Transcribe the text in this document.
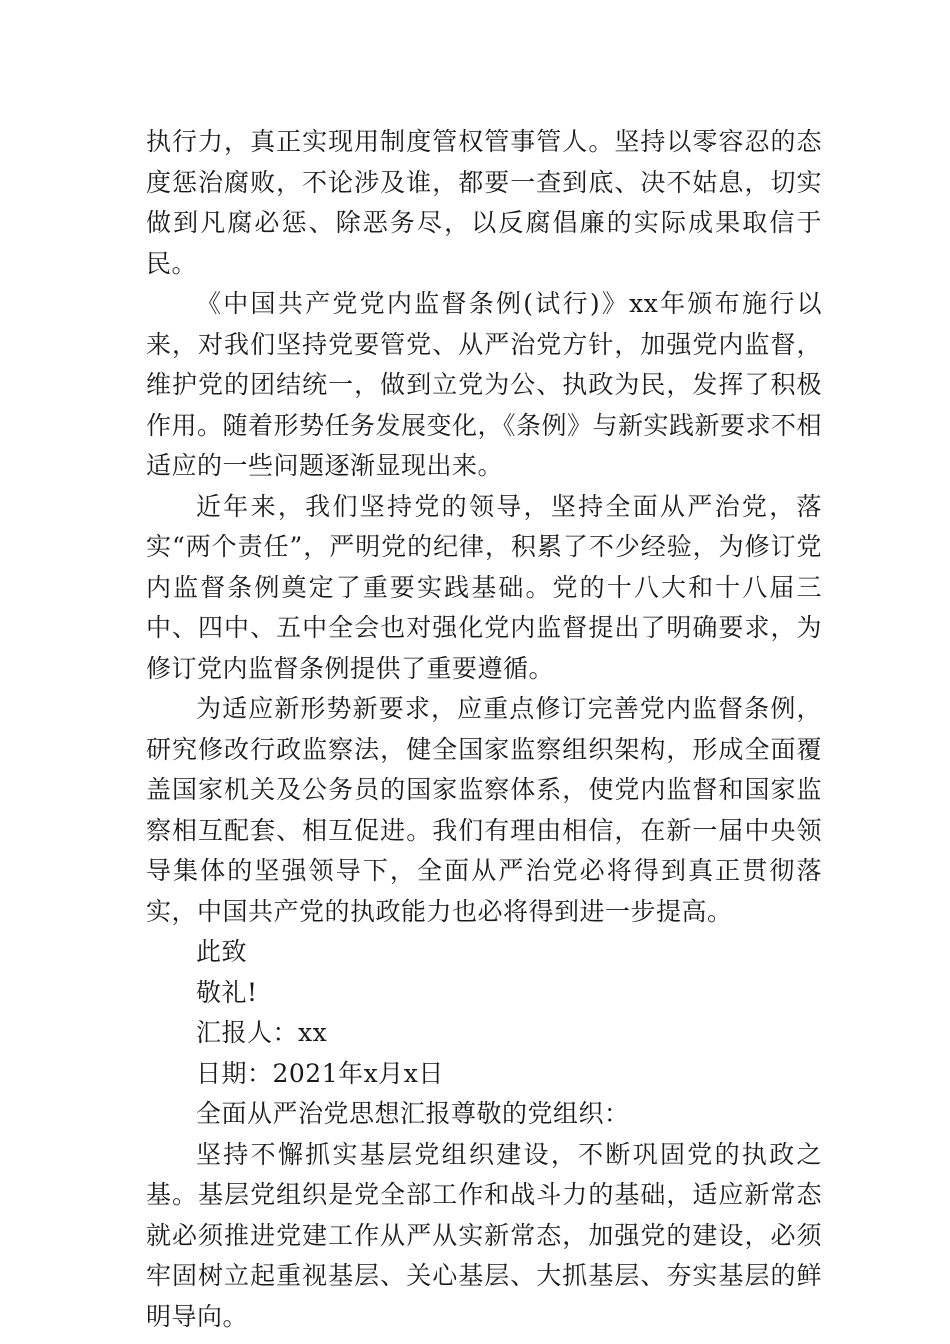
执行力，真正实现用制度管权管事管人。坚持以零容忍的态度惩治腐败，不论涉及谁，都要一查到底、决不姑息，切实做到凡腐必惩、除恶务尽，以反腐倡廉的实际成果取信于民。

《中国共产党党内监督条例(试行)》xx年颁布施行以来，对我们坚持党要管党、从严治党方针，加强党内监督，维护党的团结统一，做到立党为公、执政为民，发挥了积极作用。随着形势任务发展变化，《条例》与新实践新要求不相适应的一些问题逐渐显现出来。

近年来，我们坚持党的领导，坚持全面从严治党，落实“两个责任”，严明党的纪律，积累了不少经验，为修订党内监督条例奠定了重要实践基础。党的十八大和十八届三中、四中、五中全会也对强化党内监督提出了明确要求，为修订党内监督条例提供了重要遵循。

为适应新形势新要求，应重点修订完善党内监督条例，研究修改行政监察法，健全国家监察组织架构，形成全面覆盖国家机关及公务员的国家监察体系，使党内监督和国家监察相互配套、相互促进。我们有理由相信，在新一届中央领导集体的坚强领导下，全面从严治党必将得到真正贯彻落实，中国共产党的执政能力也必将得到进一步提高。

此致

敬礼!

汇报人：xx

日期：2021年x月x日

全面从严治党思想汇报尊敬的党组织：

坚持不懈抓实基层党组织建设，不断巩固党的执政之基。基层党组织是党全部工作和战斗力的基础，适应新常态就必须推进党建工作从严从实新常态，加强党的建设，必须牢固树立起重视基层、关心基层、大抓基层、夯实基层的鲜明导向。
